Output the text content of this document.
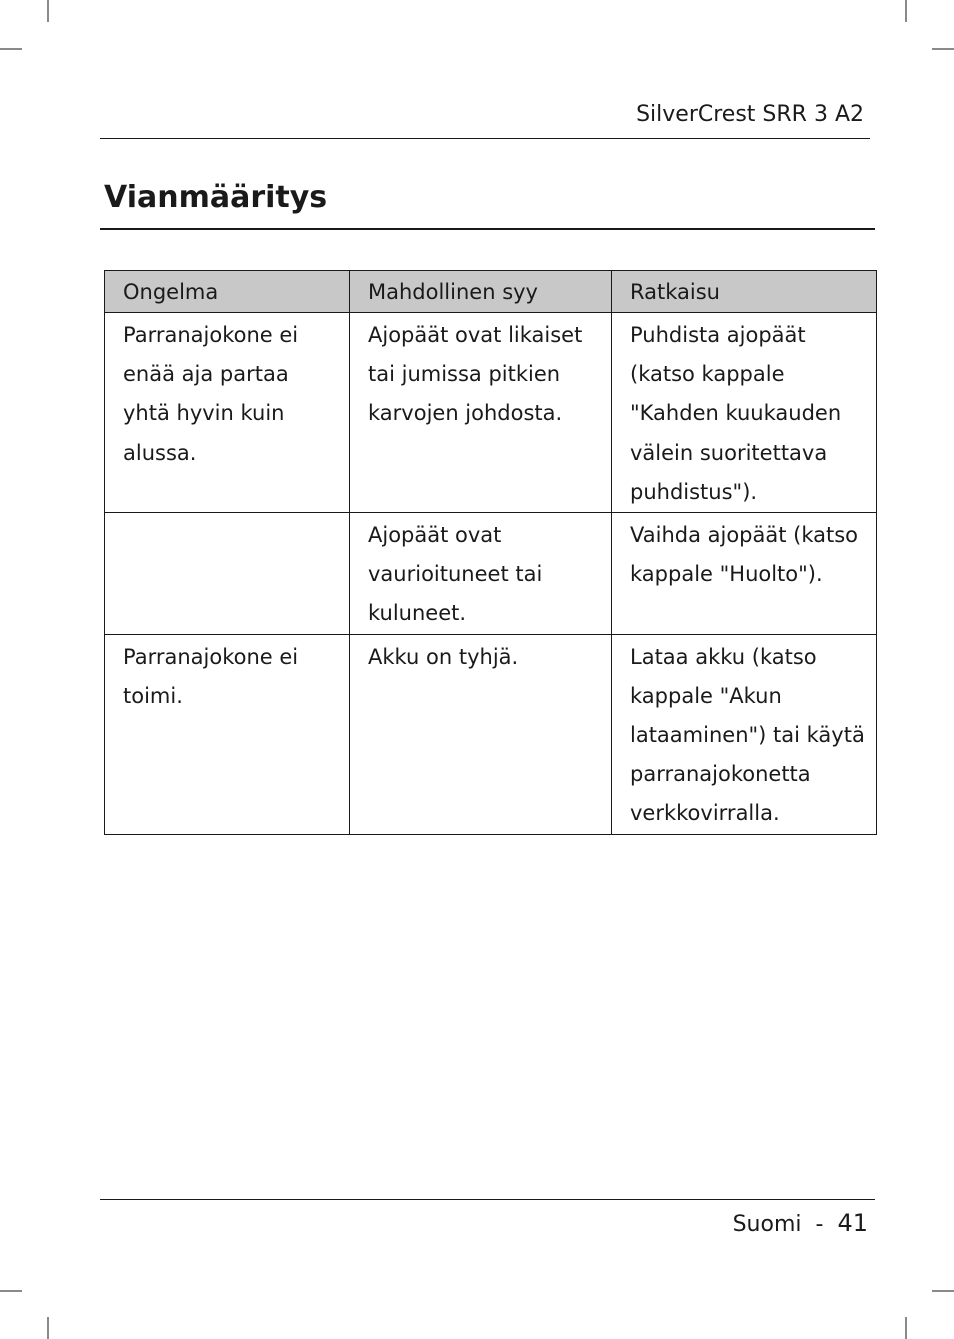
SilverCrest SRR 3 A2
Vianmääritys
Ongelma	Mahdollinen syy	Ratkaisu
Parranajokone ei enää aja partaa yhtä hyvin kuin alussa.	Ajopäät ovat likaiset tai jumissa pitkien karvojen johdosta.	Puhdista ajopäät (katso kappale "Kahden kuukauden välein suoritettava puhdistus").
	Ajopäät ovat vaurioituneet tai kuluneet.	Vaihda ajopäät (katso kappale "Huolto").
Parranajokone ei toimi.	Akku on tyhjä.	Lataa akku (katso kappale "Akun lataaminen") tai käytä parranajokonetta verkkovirralla.
Suomi - 41
